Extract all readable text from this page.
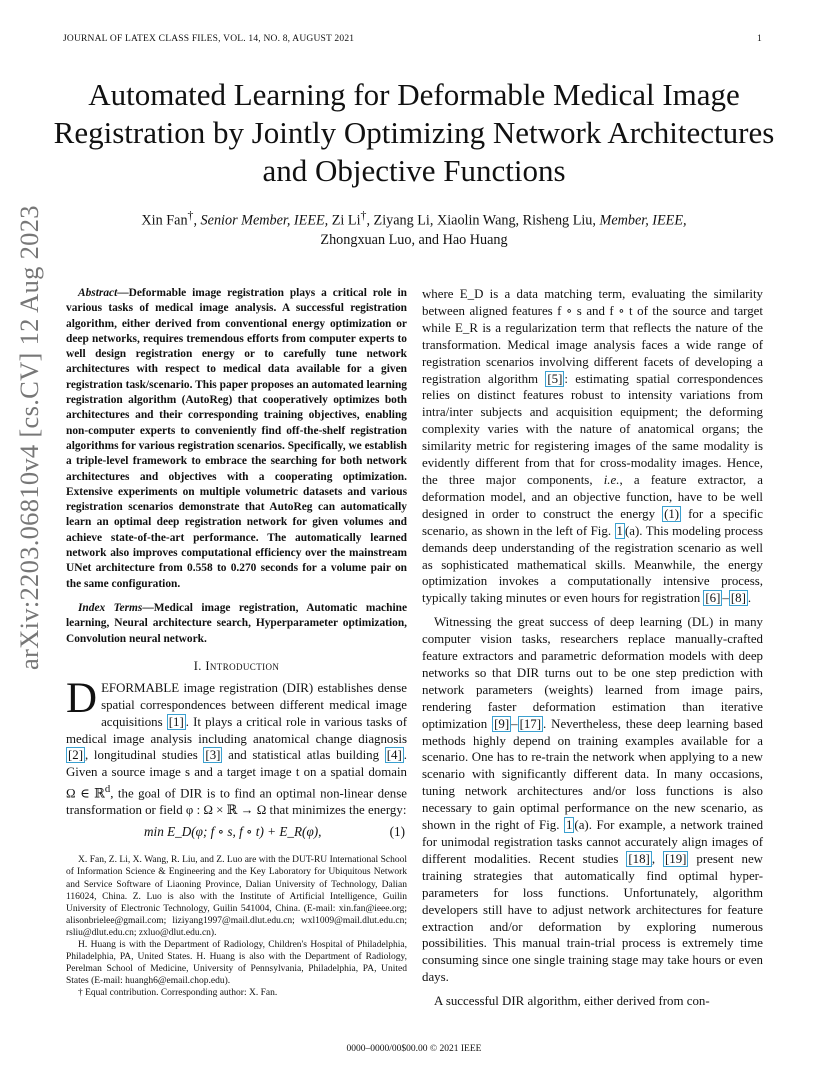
JOURNAL OF LATEX CLASS FILES, VOL. 14, NO. 8, AUGUST 2021	1
Automated Learning for Deformable Medical Image Registration by Jointly Optimizing Network Architectures and Objective Functions
Xin Fan†, Senior Member, IEEE, Zi Li†, Ziyang Li, Xiaolin Wang, Risheng Liu, Member, IEEE,
Zhongxuan Luo, and Hao Huang
arXiv:2203.06810v4 [cs.CV] 12 Aug 2023	Abstract—Deformable image registration plays a critical role in various tasks of medical image analysis. A successful registration algorithm, either derived from conventional energy optimization or deep networks, requires tremendous efforts from computer experts to well design registration energy or to carefully tune network architectures with respect to medical data available for a given registration task/scenario. This paper proposes an automated learning registration algorithm (AutoReg) that cooperatively optimizes both architectures and their corresponding training objectives, enabling non-computer experts to conveniently find off-the-shelf registration algorithms for various registration scenarios. Specifically, we establish a triple-level framework to embrace the searching for both network architectures and objectives with a cooperating optimization. Extensive experiments on multiple volumetric datasets and various registration scenarios demonstrate that AutoReg can automatically learn an optimal deep registration network for given volumes and achieve state-of-the-art performance. The automatically learned network also improves computational efficiency over the mainstream UNet architecture from 0.558 to 0.270 seconds for a volume pair on the same configuration.

Index Terms—Medical image registration, Automatic machine learning, Neural architecture search, Hyperparameter optimization, Convolution neural network.

I. Introduction

DEFORMABLE image registration (DIR) establishes dense spatial correspondences between different medical image acquisitions [1] . It plays a critical role in various tasks of medical image analysis including anatomical change diagnosis [2] , longitudinal studies [3] and statistical atlas building [4] . Given a source image s and a target image t on a spatial domain Ω ∈ ℝ$^d$, the goal of DIR is to find an optimal non-linear dense transformation or field φ : Ω × ℝ → Ω that minimizes the energy:

min E_D(φ; f ∘ s, f ∘ t) + E_R(φ),	(1)

X. Fan, Z. Li, X. Wang, R. Liu, and Z. Luo are with the DUT-RU International School of Information Science & Engineering and the Key Laboratory for Ubiquitous Network and Service Software of Liaoning Province, Dalian University of Technology, Dalian 116024, China. Z. Luo is also with the Institute of Artificial Intelligence, Guilin University of Electronic Technology, Guilin 541004, China. (E-mail: xin.fan@ieee.org; alisonbrielee@gmail.com; liziyang1997@mail.dlut.edu.cn; wxl1009@mail.dlut.edu.cn; rsliu@dlut.edu.cn; zxluo@dlut.edu.cn).

H. Huang is with the Department of Radiology, Children's Hospital of Philadelphia, Philadelphia, PA, United States. H. Huang is also with the Department of Radiology, Perelman School of Medicine, University of Pennsylvania, Philadelphia, PA, United States (E-mail: huangh6@email.chop.edu).

† Equal contribution. Corresponding author: X. Fan.

where E_D is a data matching term, evaluating the similarity between aligned features f ∘ s and f ∘ t of the source and target while E_R is a regularization term that reflects the nature of the transformation. Medical image analysis faces a wide range of registration scenarios involving different facets of developing a registration algorithm [5] : estimating spatial correspondences relies on distinct features robust to intensity variations from intra/inter subjects and acquisition equipment; the deforming complexity varies with the nature of anatomical organs; the similarity metric for registering images of the same modality is evidently different from that for cross-modality images. Hence, the three major components, i.e., a feature extractor, a deformation model, and an objective function, have to be well designed in order to construct the energy (1) for a specific scenario, as shown in the left of Fig. 1 (a). This modeling process demands deep understanding of the registration scenario as well as sophisticated mathematical skills. Meanwhile, the energy optimization invokes a computationally intensive process, typically taking minutes or even hours for registration [6] – [8] .

Witnessing the great success of deep learning (DL) in many computer vision tasks, researchers replace manually-crafted feature extractors and parametric deformation models with deep networks so that DIR turns out to be one step prediction with network parameters (weights) learned from image pairs, rendering faster deformation estimation than iterative optimization [9] – [17] . Nevertheless, these deep learning based methods highly depend on training examples available for a scenario. One has to re-train the network when applying to a new scenario with significantly different data. In many occasions, tuning network architectures and/or loss functions is also necessary to gain optimal performance on the new scenario, as shown in the right of Fig. 1 (a). For example, a network trained for unimodal registration tasks cannot accurately align images of different modalities. Recent studies [18] , [19] present new training strategies that automatically find optimal hyper-parameters for loss functions. Unfortunately, algorithm developers still have to adjust network architectures for feature extraction and/or deformation by exploring numerous possibilities. This manual train-trial process is extremely time consuming since one single training stage may take hours or even days.

A successful DIR algorithm, either derived from con-

0000–0000/00$00.00 © 2021 IEEE
